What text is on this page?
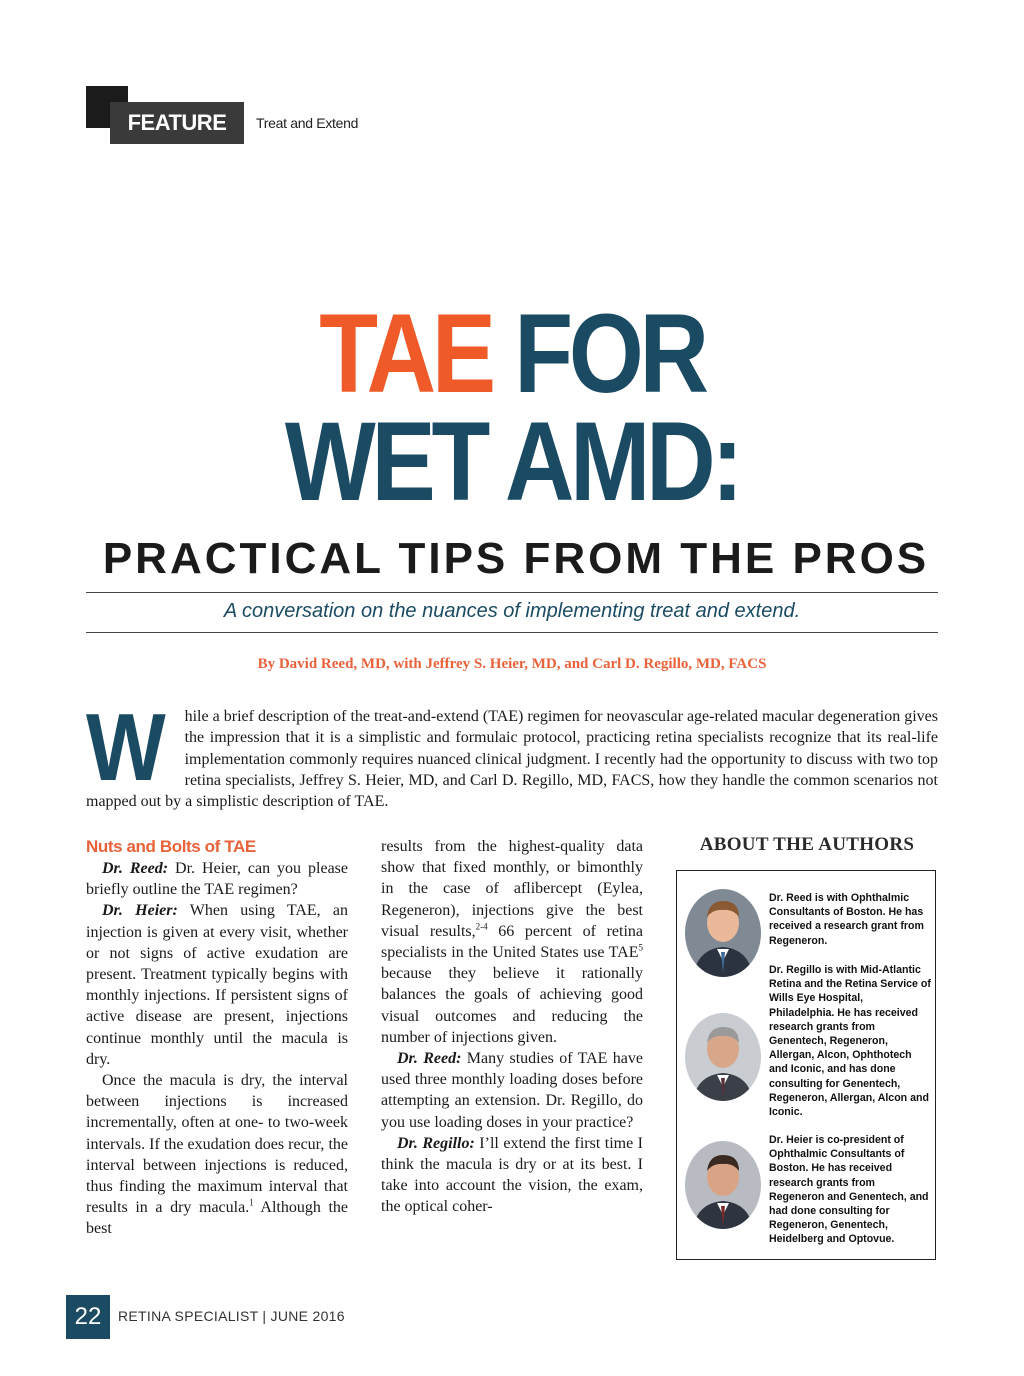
FEATURE	Treat and Extend
TAE FOR
WET AMD:
PRACTICAL TIPS FROM THE PROS
A conversation on the nuances of implementing treat and extend.
By David Reed, MD, with Jeffrey S. Heier, MD, and Carl D. Regillo, MD, FACS
W hile a brief description of the treat-and-extend (TAE) regimen for neovascular age-related macular degeneration gives the impression that it is a simplistic and formulaic protocol, practicing retina specialists recognize that its real-life implementation commonly requires nuanced clinical judgment. I recently had the opportunity to discuss with two top retina specialists, Jeffrey S. Heier, MD, and Carl D. Regillo, MD, FACS, how they handle the common scenarios not mapped out by a simplistic description of TAE.
Nuts and Bolts of TAE

Dr. Reed: Dr. Heier, can you please briefly outline the TAE regimen?

Dr. Heier: When using TAE, an injection is given at every visit, whether or not signs of active exudation are present. Treatment typically begins with monthly injections. If persistent signs of active disease are present, injections continue monthly until the macula is dry.

Once the macula is dry, the interval between injections is increased incrementally, often at one- to two-week intervals. If the exudation does recur, the interval between injections is reduced, thus finding the maximum interval that results in a dry macula.$^1$ Although the best

results from the highest-quality data show that fixed monthly, or bimonthly in the case of aflibercept (Eylea, Regeneron), injections give the best visual results,$^{2-4}$ 66 percent of retina specialists in the United States use TAE$^5$ because they believe it rationally balances the goals of achieving good visual outcomes and reducing the number of injections given.

Dr. Reed: Many studies of TAE have used three monthly loading doses before attempting an extension. Dr. Regillo, do you use loading doses in your practice?

Dr. Regillo: I’ll extend the first time I think the macula is dry or at its best. I take into account the vision, the exam, the optical coher-

ABOUT THE AUTHORS
Dr. Reed is with Ophthalmic Consultants of Boston. He has received a research grant from Regeneron.
Dr. Regillo is with Mid-Atlantic Retina and the Retina Service of Wills Eye Hospital, Philadelphia. He has received research grants from Genentech, Regeneron, Allergan, Alcon, Ophthotech and Iconic, and has done consulting for Genentech, Regeneron, Allergan, Alcon and Iconic.
Dr. Heier is co-president of Ophthalmic Consultants of Boston. He has received research grants from Regeneron and Genentech, and had done consulting for Regeneron, Genentech, Heidelberg and Optovue.
22	RETINA SPECIALIST | JUNE 2016
